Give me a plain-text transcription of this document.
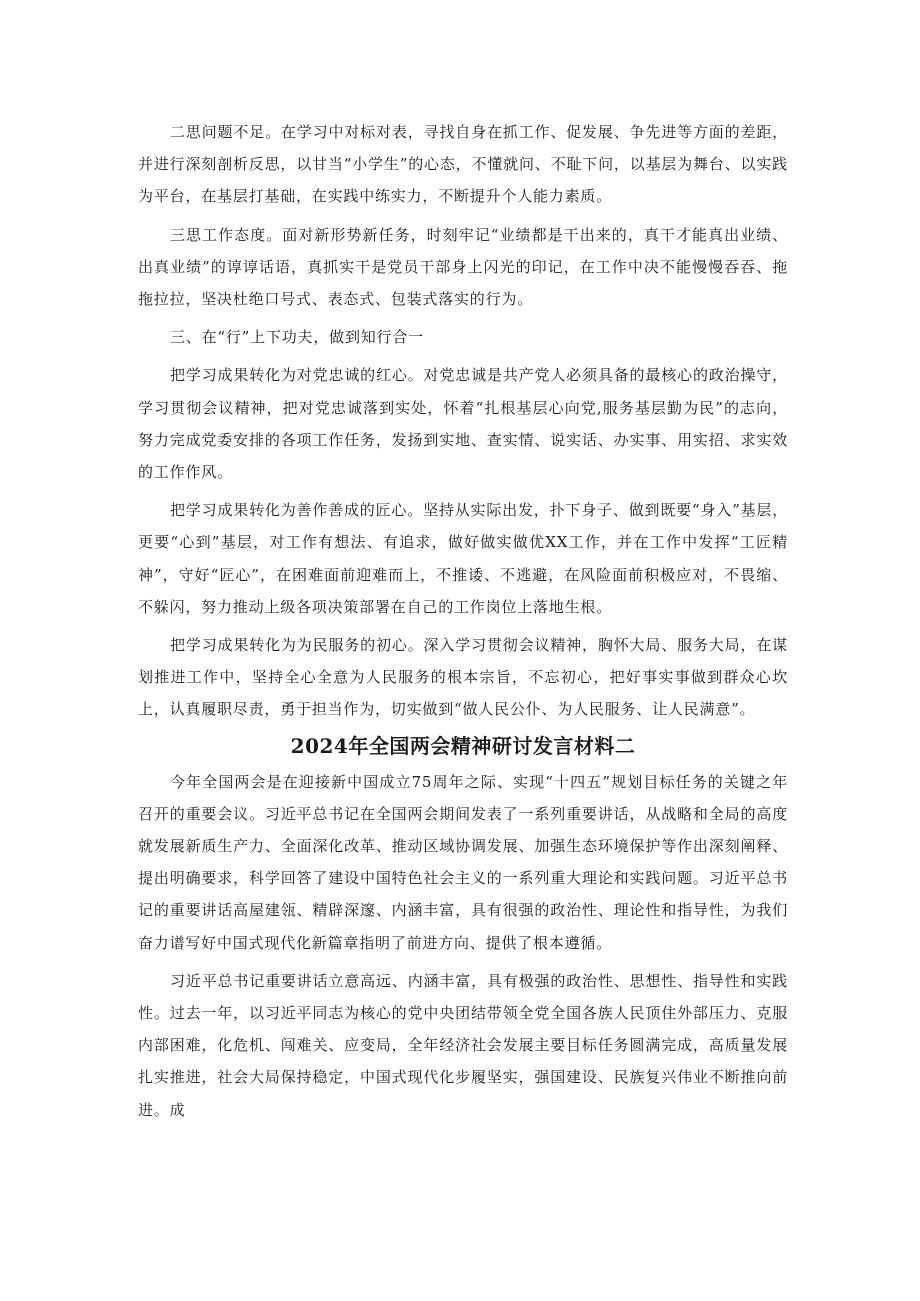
二思问题不足。在学习中对标对表，寻找自身在抓工作、促发展、争先进等方面的差距，并进行深刻剖析反思，以甘当“小学生”的心态，不懂就问、不耻下问，以基层为舞台、以实践为平台，在基层打基础，在实践中练实力，不断提升个人能力素质。

三思工作态度。面对新形势新任务，时刻牢记“业绩都是干出来的，真干才能真出业绩、出真业绩”的谆谆话语，真抓实干是党员干部身上闪光的印记，在工作中决不能慢慢吞吞、拖拖拉拉，坚决杜绝口号式、表态式、包装式落实的行为。

三、在“行”上下功夫，做到知行合一

把学习成果转化为对党忠诚的红心。对党忠诚是共产党人必须具备的最核心的政治操守，学习贯彻会议精神，把对党忠诚落到实处，怀着“扎根基层心向党,服务基层勤为民”的志向，努力完成党委安排的各项工作任务，发扬到实地、查实情、说实话、办实事、用实招、求实效的工作作风。

把学习成果转化为善作善成的匠心。坚持从实际出发，扑下身子、做到既要“身入”基层，更要“心到”基层，对工作有想法、有追求，做好做实做优XX工作，并在工作中发挥“工匠精神”，守好“匠心”，在困难面前迎难而上，不推诿、不逃避，在风险面前积极应对，不畏缩、不躲闪，努力推动上级各项决策部署在自己的工作岗位上落地生根。

把学习成果转化为为民服务的初心。深入学习贯彻会议精神，胸怀大局、服务大局，在谋划推进工作中，坚持全心全意为人民服务的根本宗旨，不忘初心，把好事实事做到群众心坎上，认真履职尽责，勇于担当作为，切实做到“做人民公仆、为人民服务、让人民满意”。

2024年全国两会精神研讨发言材料二

今年全国两会是在迎接新中国成立75周年之际、实现“十四五”规划目标任务的关键之年召开的重要会议。习近平总书记在全国两会期间发表了一系列重要讲话，从战略和全局的高度就发展新质生产力、全面深化改革、推动区域协调发展、加强生态环境保护等作出深刻阐释、提出明确要求，科学回答了建设中国特色社会主义的一系列重大理论和实践问题。习近平总书记的重要讲话高屋建瓴、精辟深邃、内涵丰富，具有很强的政治性、理论性和指导性，为我们奋力谱写好中国式现代化新篇章指明了前进方向、提供了根本遵循。

习近平总书记重要讲话立意高远、内涵丰富，具有极强的政治性、思想性、指导性和实践性。过去一年，以习近平同志为核心的党中央团结带领全党全国各族人民顶住外部压力、克服内部困难，化危机、闯难关、应变局，全年经济社会发展主要目标任务圆满完成，高质量发展扎实推进，社会大局保持稳定，中国式现代化步履坚实，强国建设、民族复兴伟业不断推向前进。成
